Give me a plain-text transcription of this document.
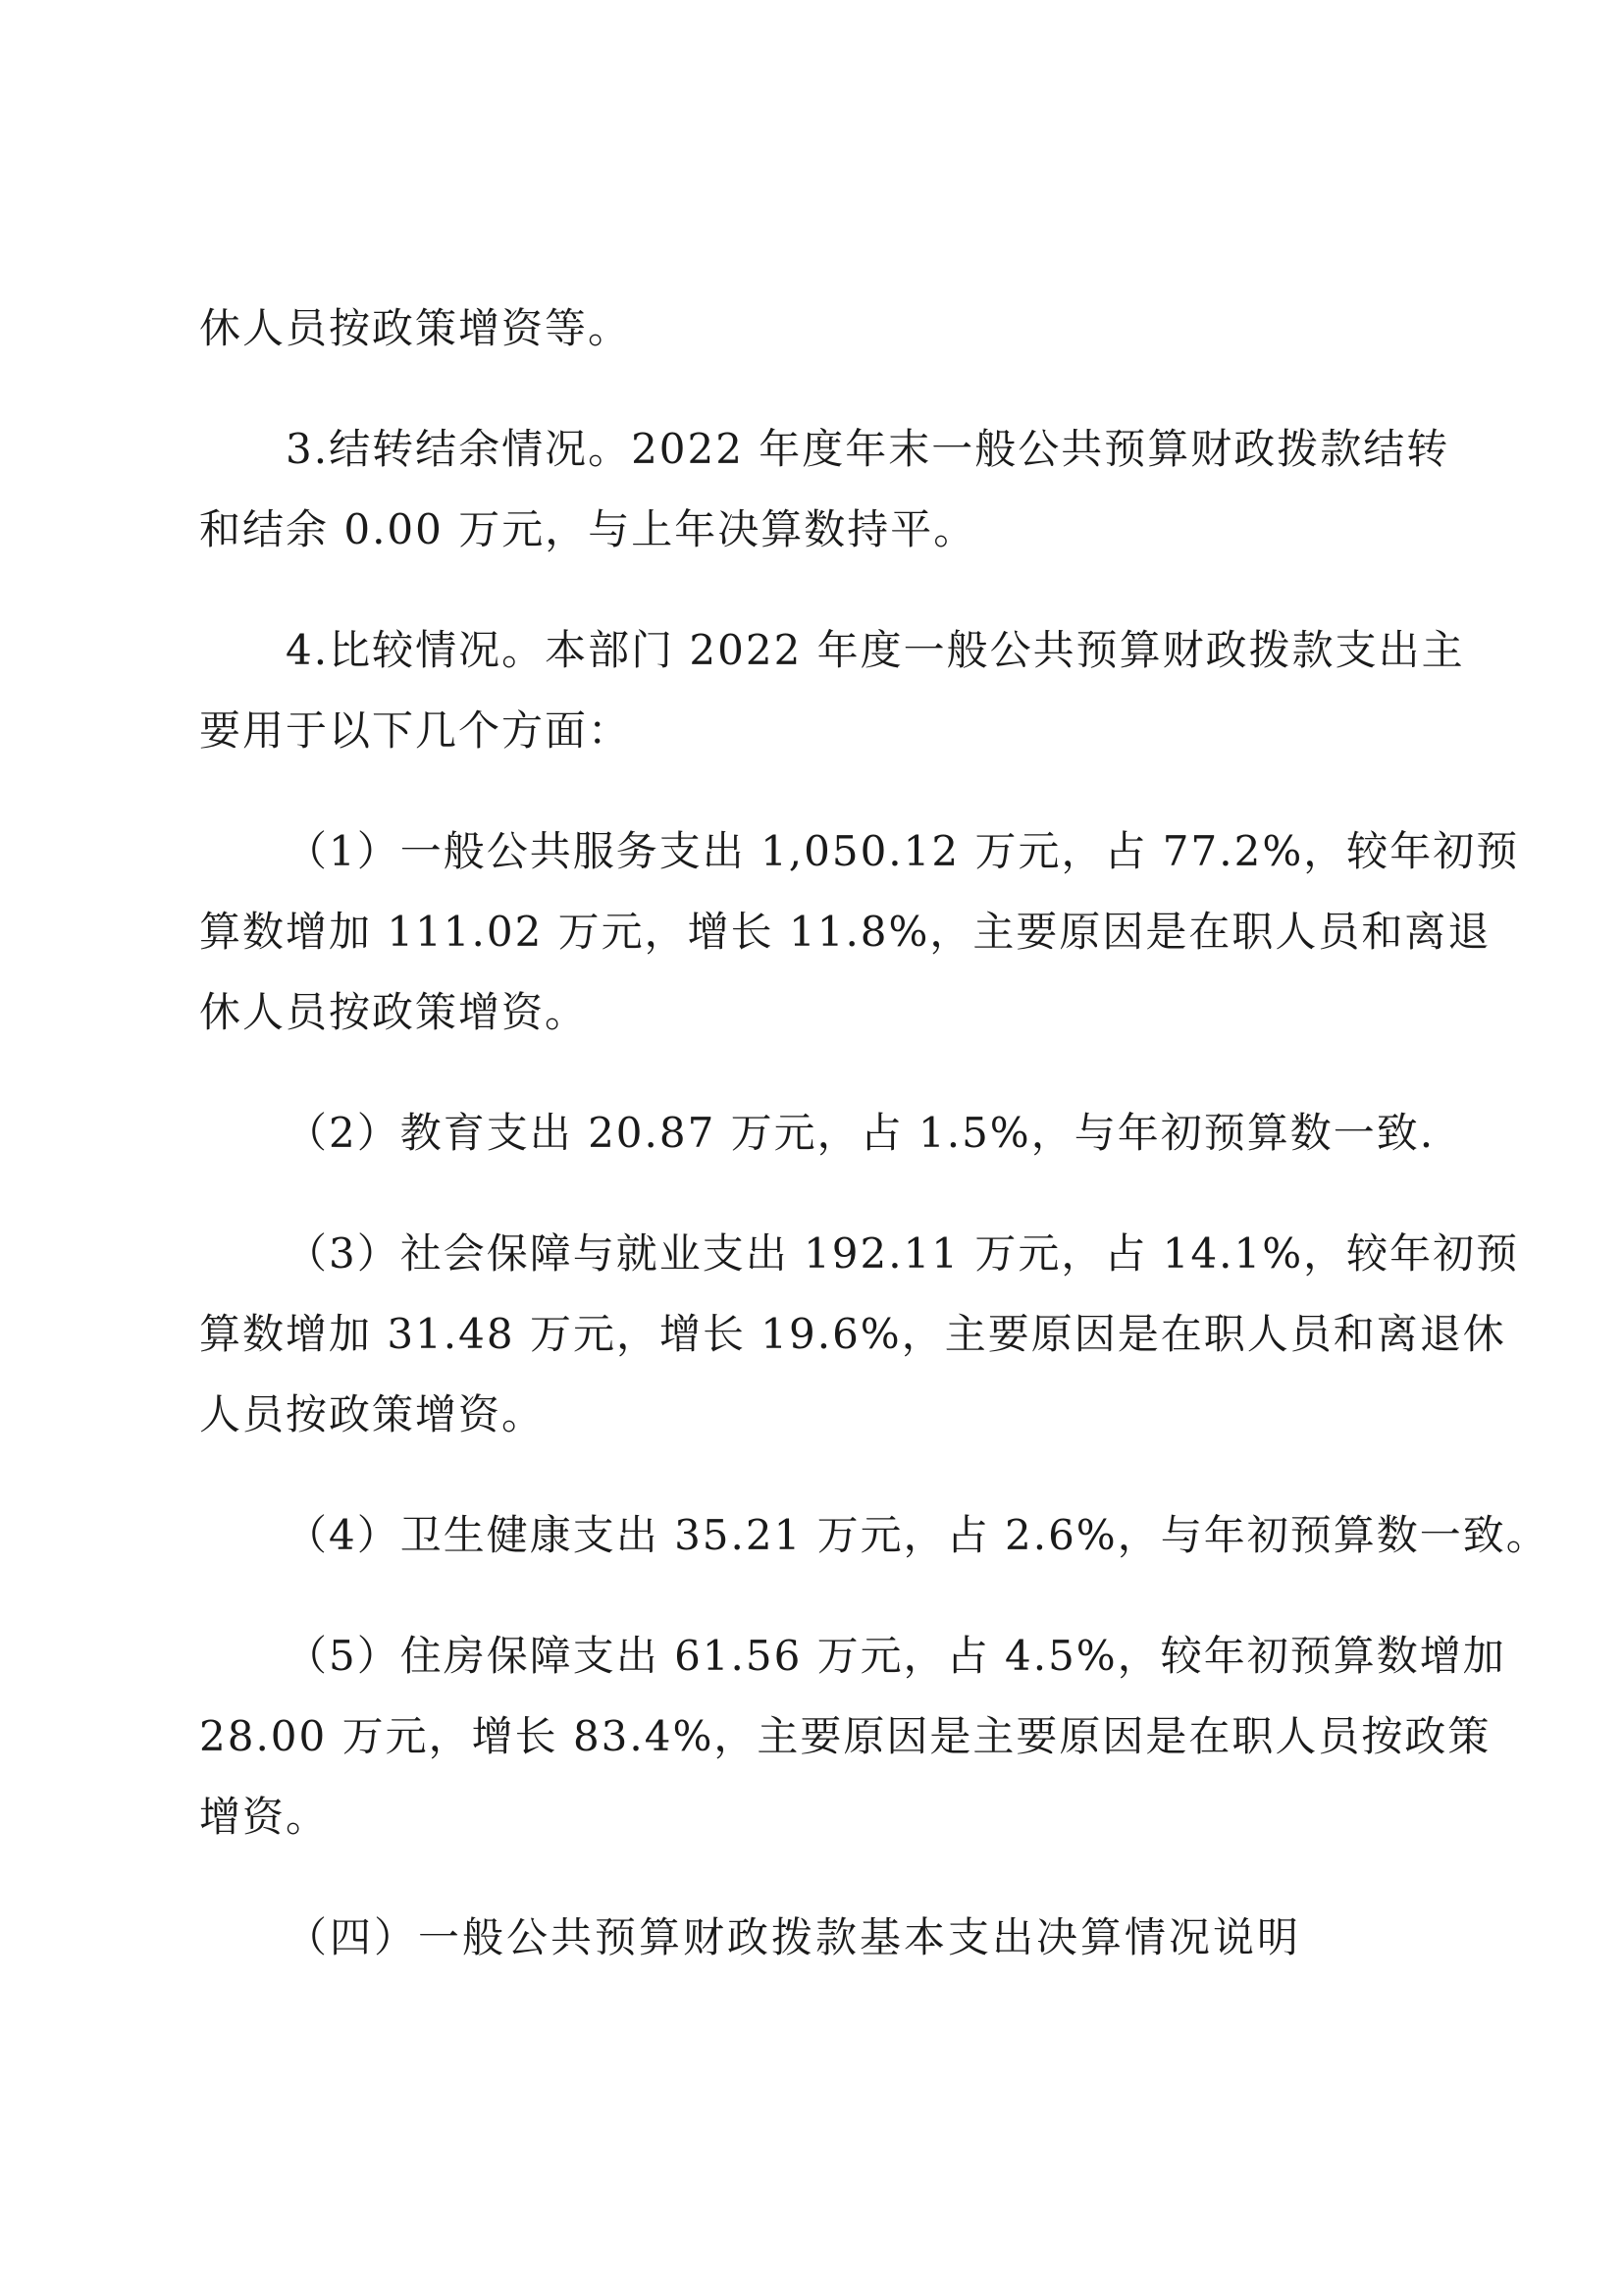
休人员按政策增资等。
3.结转结余情况。2022 年度年末一般公共预算财政拨款结转
和结余 0.00 万元，与上年决算数持平。
4.比较情况。本部门 2022 年度一般公共预算财政拨款支出主
要用于以下几个方面：
（1）一般公共服务支出 1,050.12 万元，占 77.2%，较年初预
算数增加 111.02 万元，增长 11.8%，主要原因是在职人员和离退
休人员按政策增资。
（2）教育支出 20.87 万元，占 1.5%，与年初预算数一致.
（3）社会保障与就业支出 192.11 万元，占 14.1%，较年初预
算数增加 31.48 万元，增长 19.6%，主要原因是在职人员和离退休
人员按政策增资。
（4）卫生健康支出 35.21 万元，占 2.6%，与年初预算数一致。
（5）住房保障支出 61.56 万元，占 4.5%，较年初预算数增加
28.00 万元，增长 83.4%，主要原因是主要原因是在职人员按政策
增资。
（四）一般公共预算财政拨款基本支出决算情况说明
